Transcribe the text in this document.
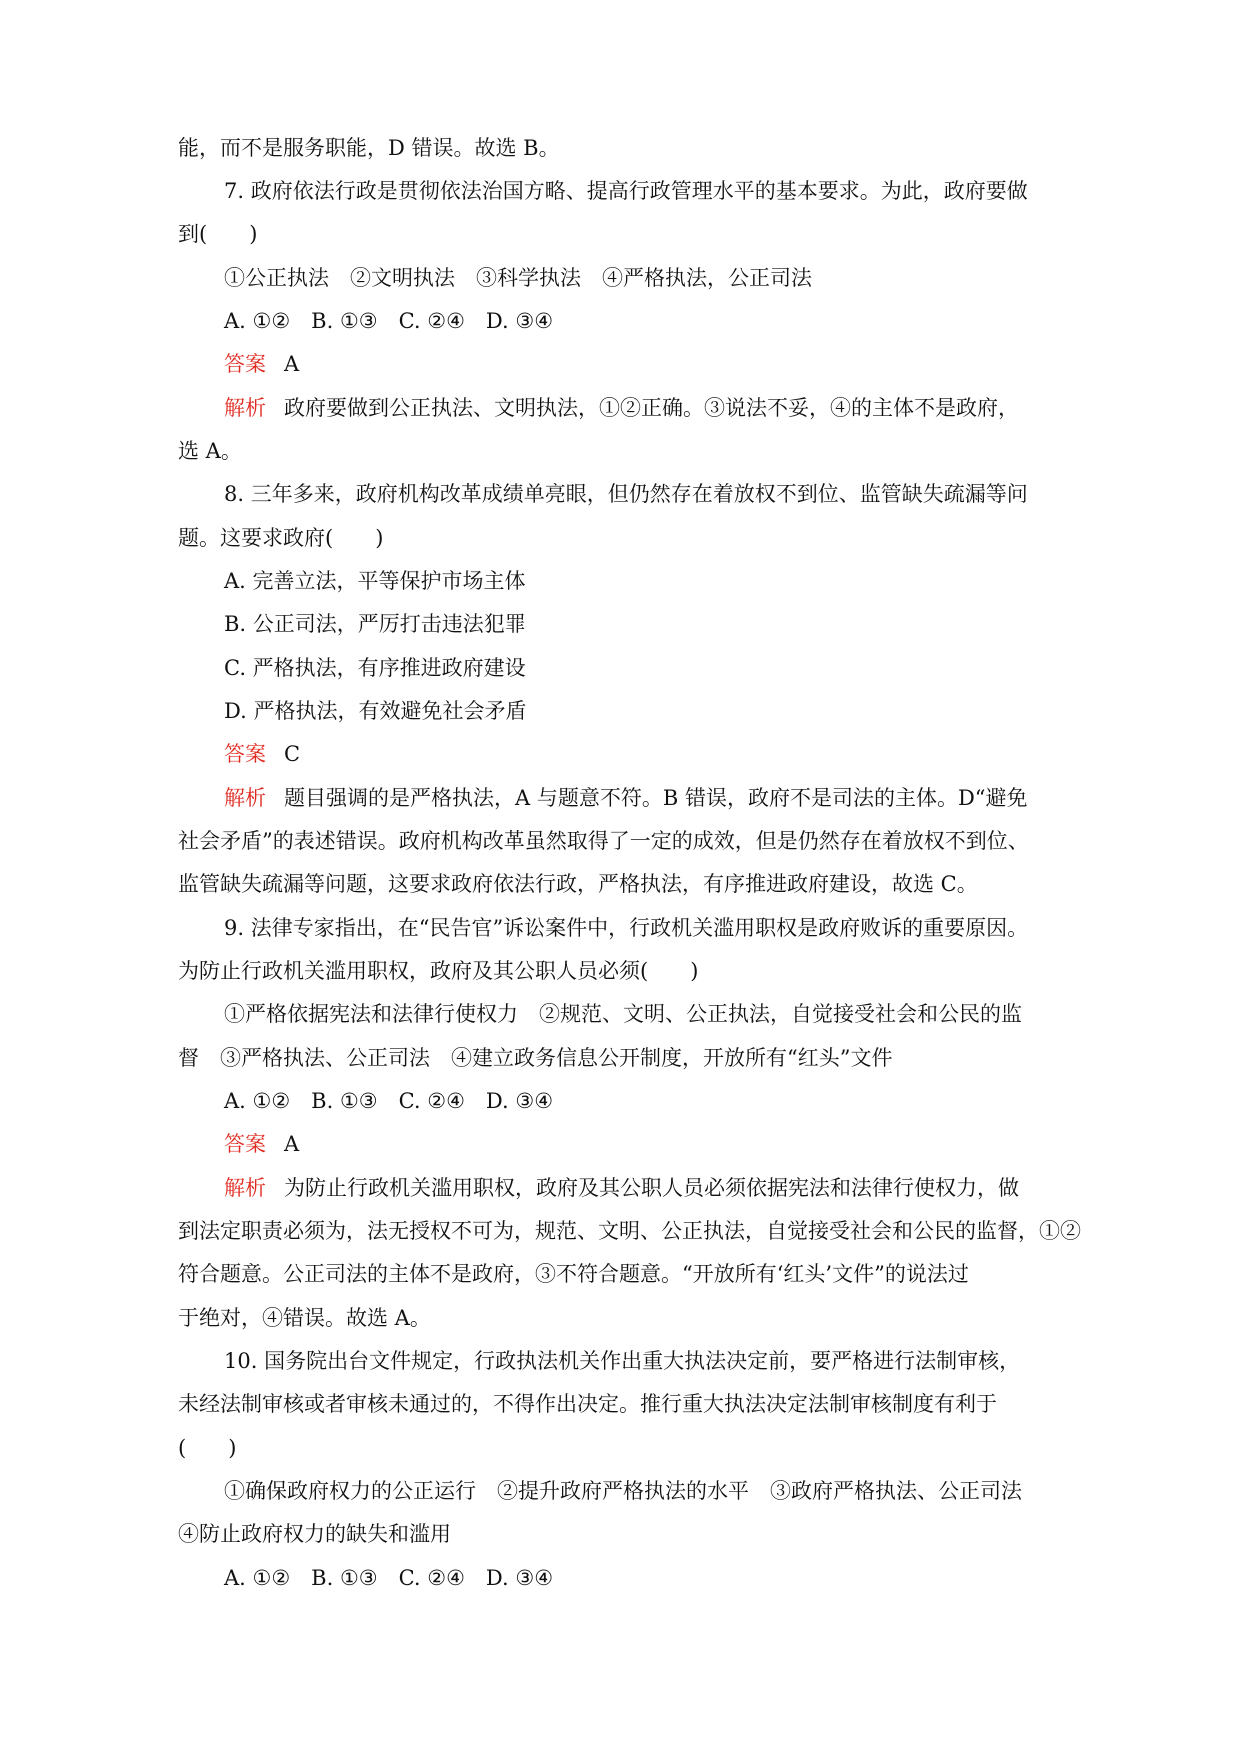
能，而不是服务职能，D 错误。故选 B。
7. 政府依法行政是贯彻依法治国方略、提高行政管理水平的基本要求。为此，政府要做
到(　　)
①公正执法　②文明执法　③科学执法　④严格执法，公正司法
A. ①②　B. ①③　C. ②④　D. ③④
答案 A
解析 政府要做到公正执法、文明执法，①②正确。③说法不妥，④的主体不是政府，
选 A。
8. 三年多来，政府机构改革成绩单亮眼，但仍然存在着放权不到位、监管缺失疏漏等问
题。这要求政府(　　)
A. 完善立法，平等保护市场主体
B. 公正司法，严厉打击违法犯罪
C. 严格执法，有序推进政府建设
D. 严格执法，有效避免社会矛盾
答案 C
解析 题目强调的是严格执法，A 与题意不符。B 错误，政府不是司法的主体。D“避免
社会矛盾”的表述错误。政府机构改革虽然取得了一定的成效，但是仍然存在着放权不到位、
监管缺失疏漏等问题，这要求政府依法行政，严格执法，有序推进政府建设，故选 C。
9. 法律专家指出，在“民告官”诉讼案件中，行政机关滥用职权是政府败诉的重要原因。
为防止行政机关滥用职权，政府及其公职人员必须(　　)
①严格依据宪法和法律行使权力　②规范、文明、公正执法，自觉接受社会和公民的监
督　③严格执法、公正司法　④建立政务信息公开制度，开放所有“红头”文件
A. ①②　B. ①③　C. ②④　D. ③④
答案 A
解析 为防止行政机关滥用职权，政府及其公职人员必须依据宪法和法律行使权力，做
到法定职责必须为，法无授权不可为，规范、文明、公正执法，自觉接受社会和公民的监督，①②
符合题意。公正司法的主体不是政府，③不符合题意。“开放所有‘红头’文件”的说法过
于绝对，④错误。故选 A。
10. 国务院出台文件规定，行政执法机关作出重大执法决定前，要严格进行法制审核，
未经法制审核或者审核未通过的，不得作出决定。推行重大执法决定法制审核制度有利于
(　　)
①确保政府权力的公正运行　②提升政府严格执法的水平　③政府严格执法、公正司法
④防止政府权力的缺失和滥用
A. ①②　B. ①③　C. ②④　D. ③④
